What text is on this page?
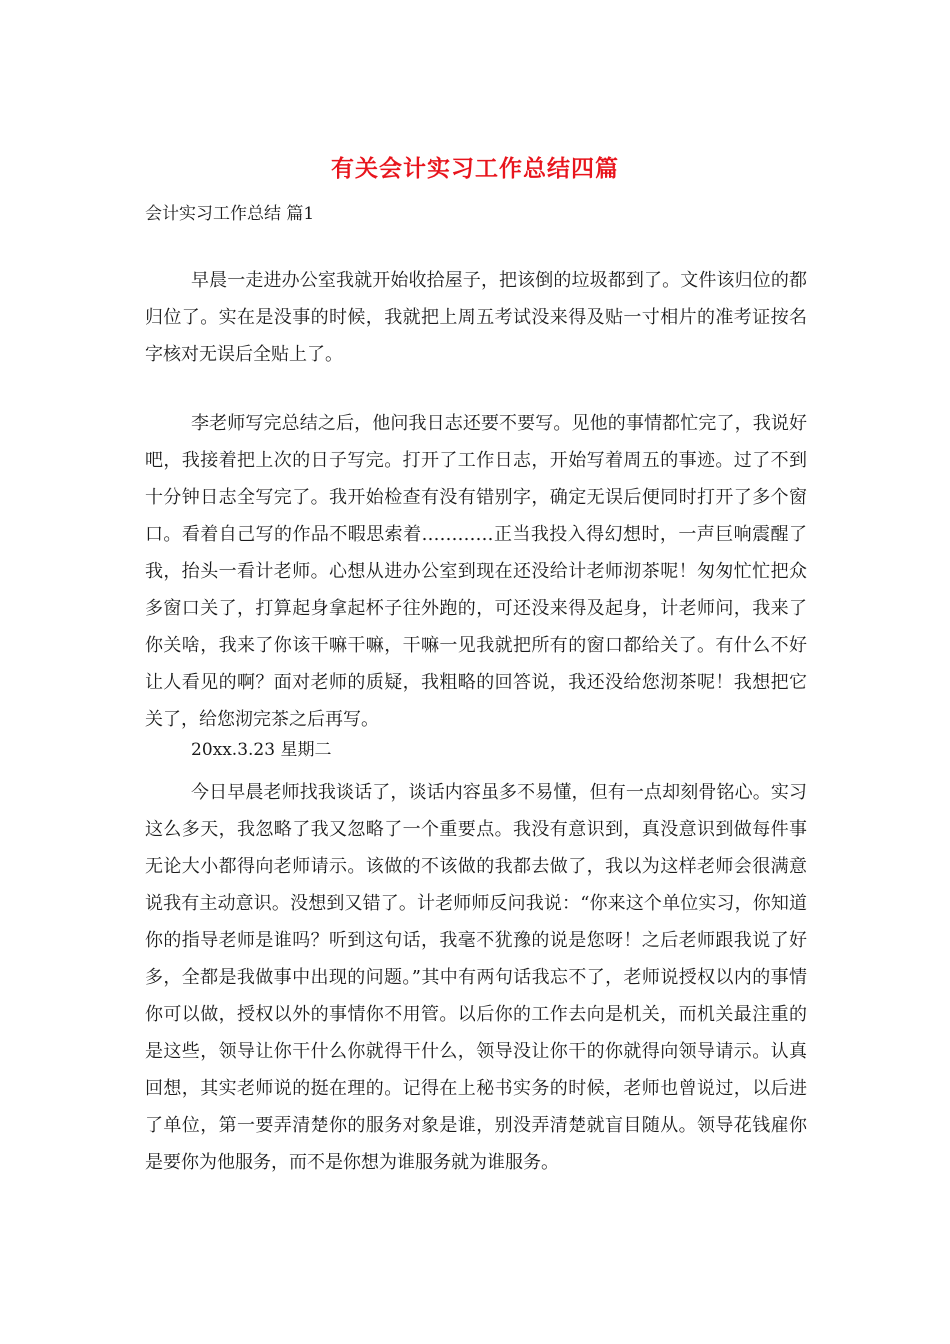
有关会计实习工作总结四篇

会计实习工作总结 篇1

早晨一走进办公室我就开始收拾屋子，把该倒的垃圾都到了。文件该归位的都归位了。实在是没事的时候，我就把上周五考试没来得及贴一寸相片的准考证按名字核对无误后全贴上了。

李老师写完总结之后，他问我日志还要不要写。见他的事情都忙完了，我说好吧，我接着把上次的日子写完。打开了工作日志，开始写着周五的事迹。过了不到十分钟日志全写完了。我开始检查有没有错别字，确定无误后便同时打开了多个窗口。看着自己写的作品不暇思索着…………正当我投入得幻想时，一声巨响震醒了我，抬头一看计老师。心想从进办公室到现在还没给计老师沏茶呢！匆匆忙忙把众多窗口关了，打算起身拿起杯子往外跑的，可还没来得及起身，计老师问，我来了你关啥，我来了你该干嘛干嘛，干嘛一见我就把所有的窗口都给关了。有什么不好让人看见的啊？面对老师的质疑，我粗略的回答说，我还没给您沏茶呢！我想把它关了，给您沏完茶之后再写。

20xx.3.23 星期二

今日早晨老师找我谈话了，谈话内容虽多不易懂，但有一点却刻骨铭心。实习这么多天，我忽略了我又忽略了一个重要点。我没有意识到，真没意识到做每件事无论大小都得向老师请示。该做的不该做的我都去做了，我以为这样老师会很满意说我有主动意识。没想到又错了。计老师师反问我说：“你来这个单位实习，你知道你的指导老师是谁吗？听到这句话，我毫不犹豫的说是您呀！之后老师跟我说了好多，全都是我做事中出现的问题。”其中有两句话我忘不了，老师说授权以内的事情你可以做，授权以外的事情你不用管。以后你的工作去向是机关，而机关最注重的是这些，领导让你干什么你就得干什么，领导没让你干的你就得向领导请示。认真回想，其实老师说的挺在理的。记得在上秘书实务的时候，老师也曾说过，以后进了单位，第一要弄清楚你的服务对象是谁，别没弄清楚就盲目随从。领导花钱雇你是要你为他服务，而不是你想为谁服务就为谁服务。
